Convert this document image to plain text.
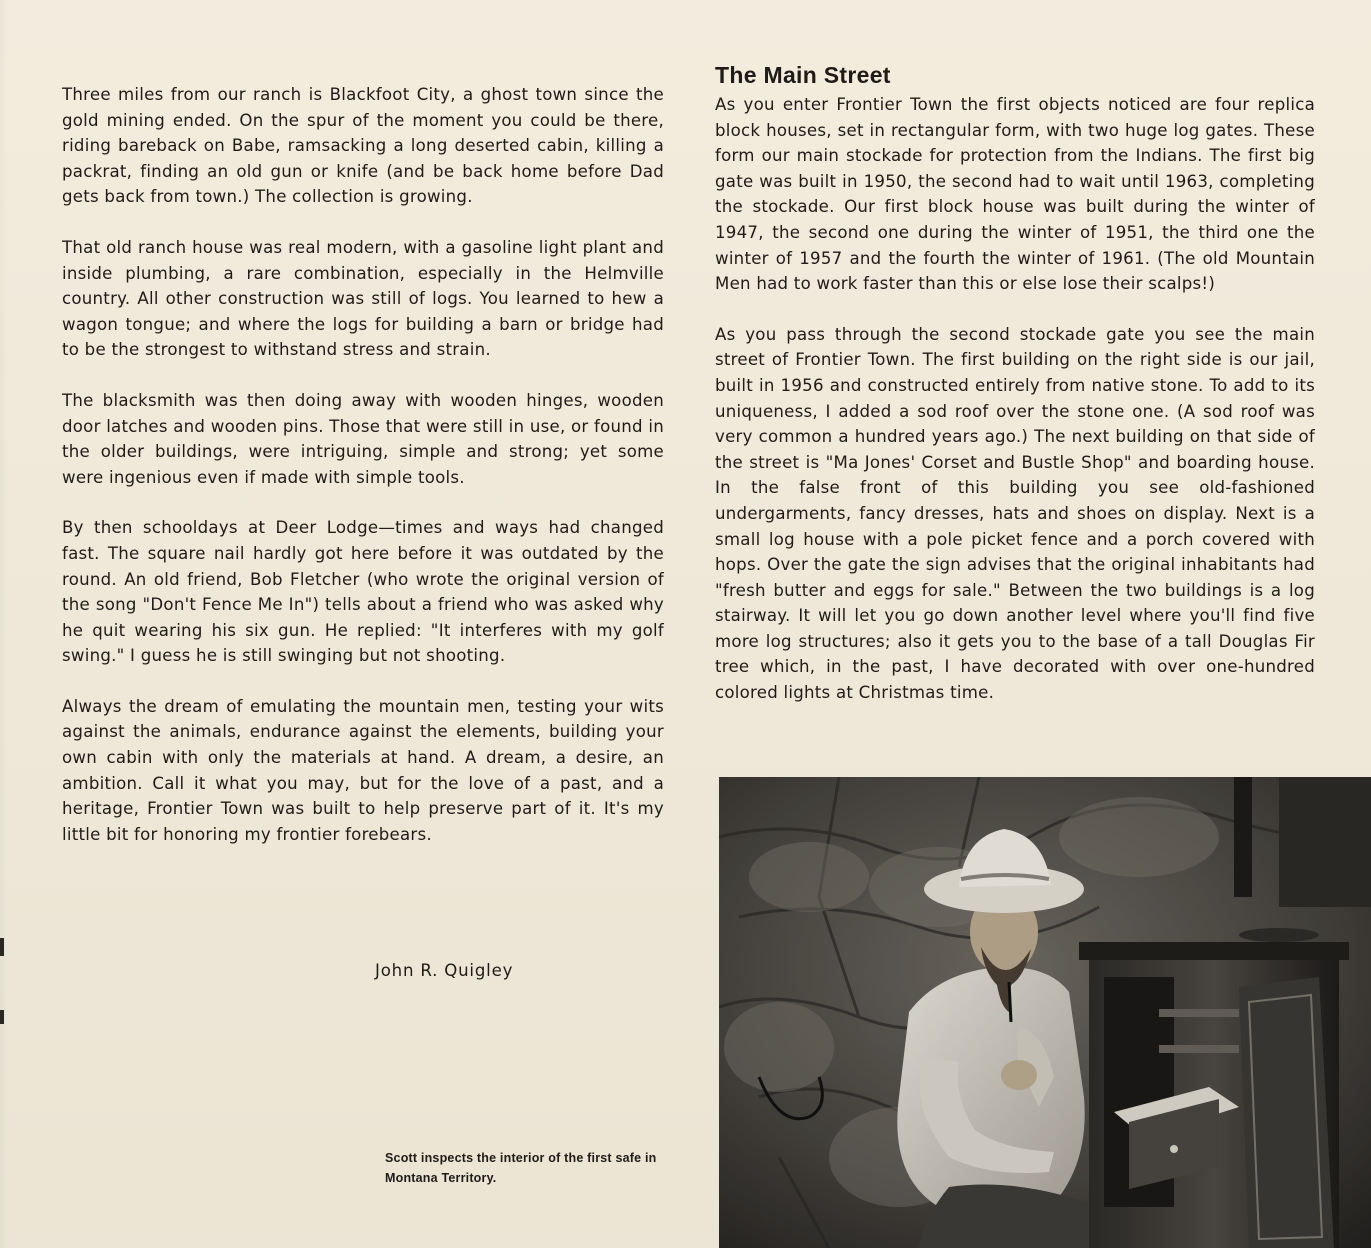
Three miles from our ranch is Blackfoot City, a ghost town since the gold mining ended. On the spur of the moment you could be there, riding bareback on Babe, ramsacking a long deserted cabin, killing a packrat, finding an old gun or knife (and be back home before Dad gets back from town.) The collection is growing.

That old ranch house was real modern, with a gasoline light plant and inside plumbing, a rare combination, especially in the Helmville country. All other construction was still of logs. You learned to hew a wagon tongue; and where the logs for building a barn or bridge had to be the strongest to withstand stress and strain.

The blacksmith was then doing away with wooden hinges, wooden door latches and wooden pins. Those that were still in use, or found in the older buildings, were intriguing, simple and strong; yet some were ingenious even if made with simple tools.

By then schooldays at Deer Lodge—times and ways had changed fast. The square nail hardly got here before it was outdated by the round. An old friend, Bob Fletcher (who wrote the original version of the song "Don't Fence Me In") tells about a friend who was asked why he quit wearing his six gun. He replied: "It interferes with my golf swing." I guess he is still swinging but not shooting.

Always the dream of emulating the mountain men, testing your wits against the animals, endurance against the elements, building your own cabin with only the materials at hand. A dream, a desire, an ambition. Call it what you may, but for the love of a past, and a heritage, Frontier Town was built to help preserve part of it. It's my little bit for honoring my frontier forebears.

John R. Quigley
Scott inspects the interior of the first safe in Montana Territory.
The Main Street

As you enter Frontier Town the first objects noticed are four replica block houses, set in rectangular form, with two huge log gates. These form our main stockade for protection from the Indians. The first big gate was built in 1950, the second had to wait until 1963, completing the stockade. Our first block house was built during the winter of 1947, the second one during the winter of 1951, the third one the winter of 1957 and the fourth the winter of 1961. (The old Mountain Men had to work faster than this or else lose their scalps!)

As you pass through the second stockade gate you see the main street of Frontier Town. The first building on the right side is our jail, built in 1956 and constructed entirely from native stone. To add to its uniqueness, I added a sod roof over the stone one. (A sod roof was very common a hundred years ago.) The next building on that side of the street is "Ma Jones' Corset and Bustle Shop" and boarding house. In the false front of this building you see old-fashioned undergarments, fancy dresses, hats and shoes on display. Next is a small log house with a pole picket fence and a porch covered with hops. Over the gate the sign advises that the original inhabitants had "fresh butter and eggs for sale." Between the two buildings is a log stairway. It will let you go down another level where you'll find five more log structures; also it gets you to the base of a tall Douglas Fir tree which, in the past, I have decorated with over one-hundred colored lights at Christmas time.
